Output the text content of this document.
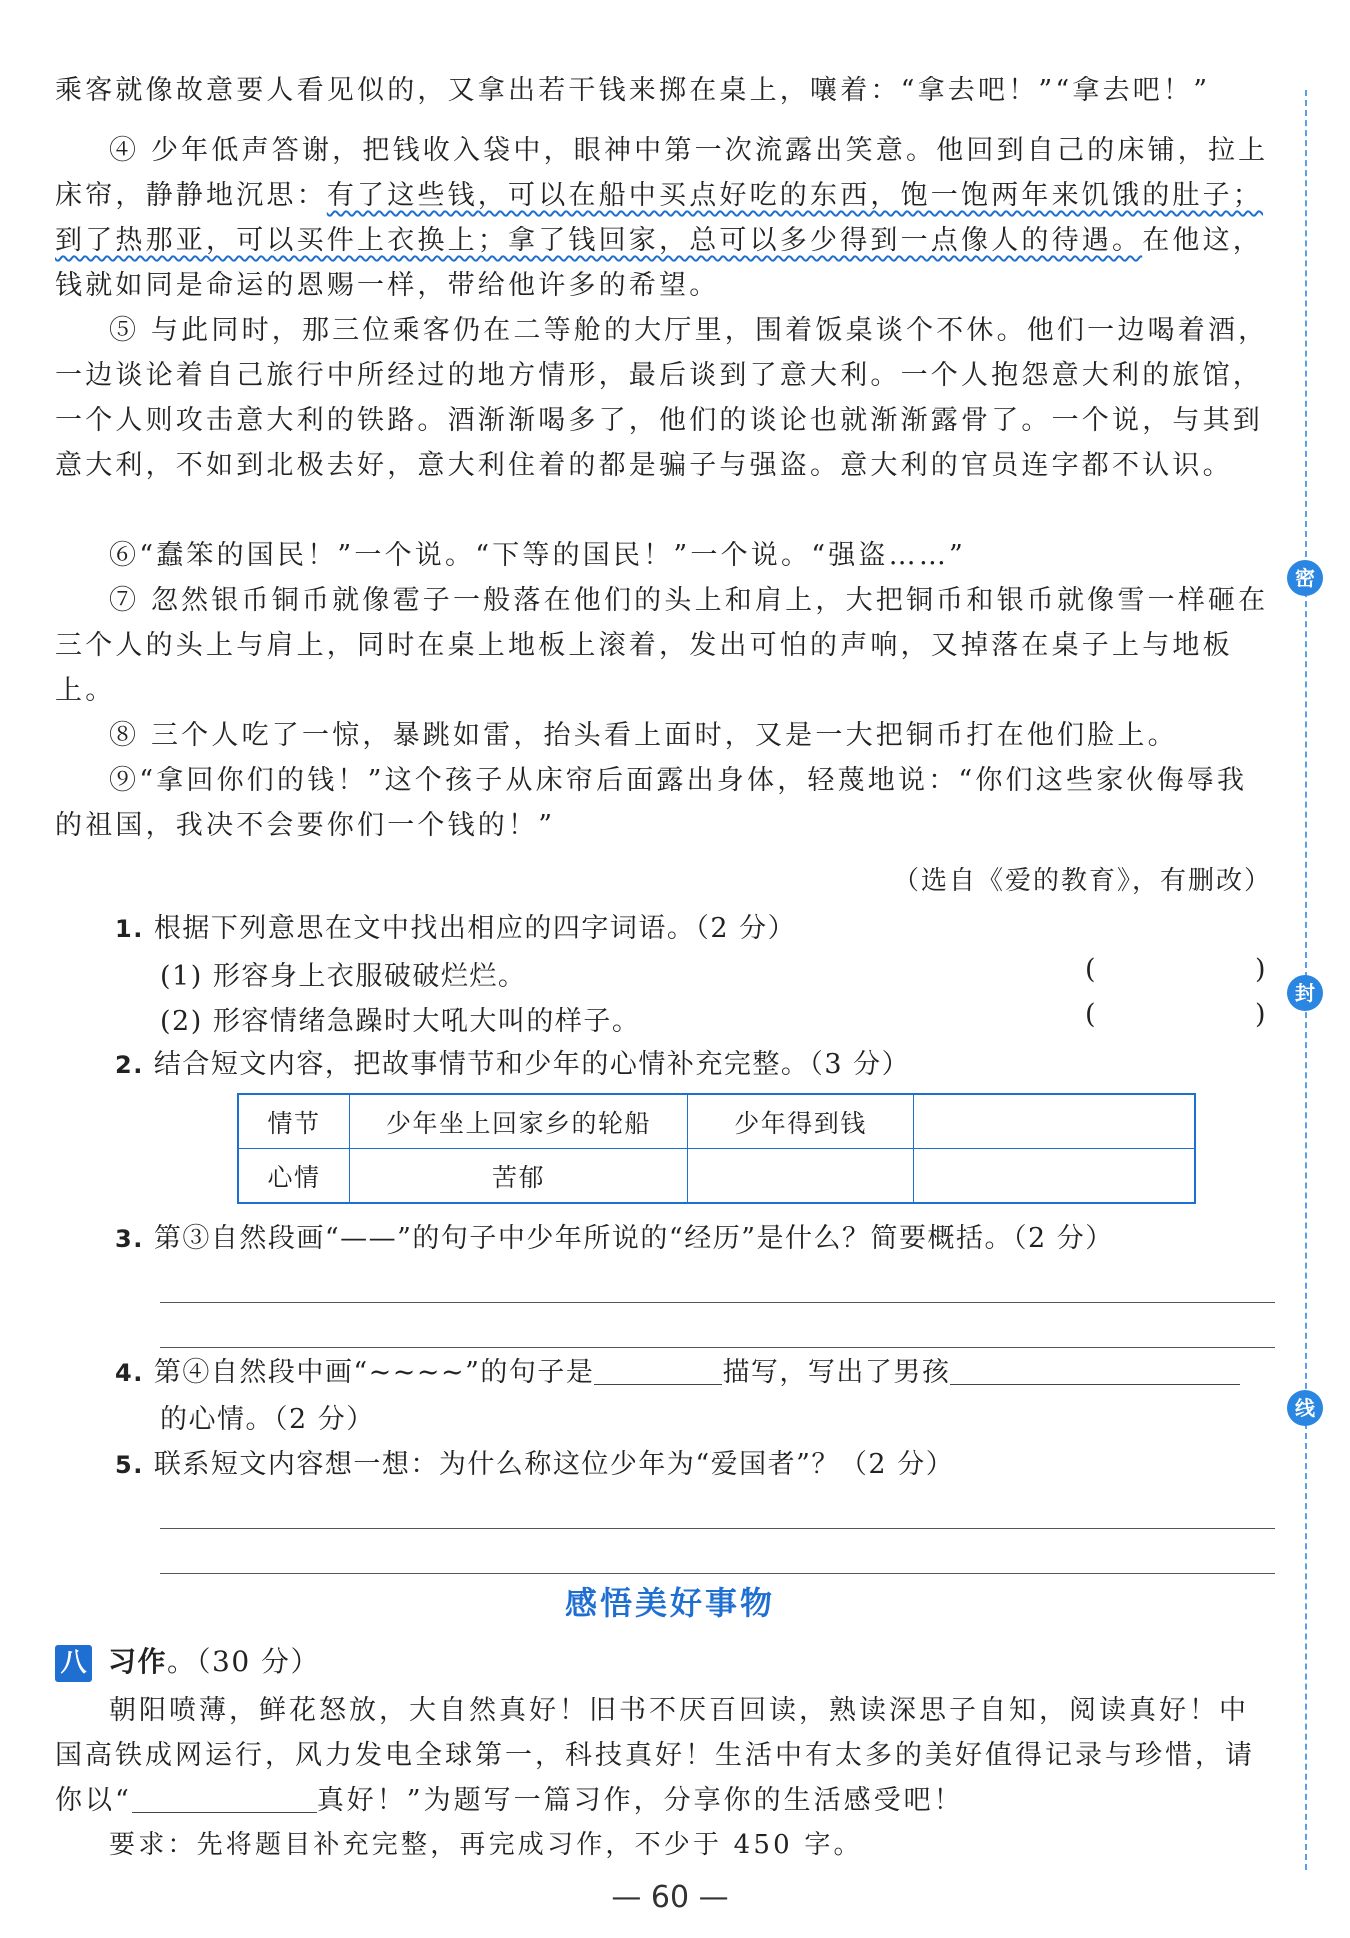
乘客就像故意要人看见似的，又拿出若干钱来掷在桌上，嚷着：“拿去吧！”“拿去吧！”

④ 少年低声答谢，把钱收入袋中，眼神中第一次流露出笑意。他回到自己的床铺，拉上床帘，静静地沉思：有了这些钱，可以在船中买点好吃的东西，饱一饱两年来饥饿的肚子；到了热那亚，可以买件上衣换上；拿了钱回家，总可以多少得到一点像人的待遇。在他这，钱就如同是命运的恩赐一样，带给他许多的希望。

⑤ 与此同时，那三位乘客仍在二等舱的大厅里，围着饭桌谈个不休。他们一边喝着酒，一边谈论着自己旅行中所经过的地方情形，最后谈到了意大利。一个人抱怨意大利的旅馆，一个人则攻击意大利的铁路。酒渐渐喝多了，他们的谈论也就渐渐露骨了。一个说，与其到意大利，不如到北极去好，意大利住着的都是骗子与强盗。意大利的官员连字都不认识。

⑥“蠢笨的国民！”一个说。“下等的国民！”一个说。“强盗……”

⑦ 忽然银币铜币就像雹子一般落在他们的头上和肩上，大把铜币和银币就像雪一样砸在三个人的头上与肩上，同时在桌上地板上滚着，发出可怕的声响，又掉落在桌子上与地板上。

⑧ 三个人吃了一惊，暴跳如雷，抬头看上面时，又是一大把铜币打在他们脸上。

⑨“拿回你们的钱！”这个孩子从床帘后面露出身体，轻蔑地说：“你们这些家伙侮辱我的祖国，我决不会要你们一个钱的！”

（选自《爱的教育》，有删改）
1. 根据下列意思在文中找出相应的四字词语。（2 分）
(1) 形容身上衣服破破烂烂。	(	)
(2) 形容情绪急躁时大吼大叫的样子。	(	)
2. 结合短文内容，把故事情节和少年的心情补充完整。（3 分）
情节	少年坐上回家乡的轮船	少年得到钱	
心情	苦郁		
3. 第③自然段画“——”的句子中少年所说的“经历”是什么？简要概括。（2 分）
4. 第④自然段中画“~~~~”的句子是	描写，写出了男孩
的心情。（2 分）
5. 联系短文内容想一想：为什么称这位少年为“爱国者”？（2 分）
感悟美好事物
八 习作。（30 分）

朝阳喷薄，鲜花怒放，大自然真好！旧书不厌百回读，熟读深思子自知，阅读真好！中国高铁成网运行，风力发电全球第一，科技真好！生活中有太多的美好值得记录与珍惜，请你以“	真好！”为题写一篇习作，分享你的生活感受吧！

要求：先将题目补充完整，再完成习作，不少于 450 字。

密
封
线
— 60 —
